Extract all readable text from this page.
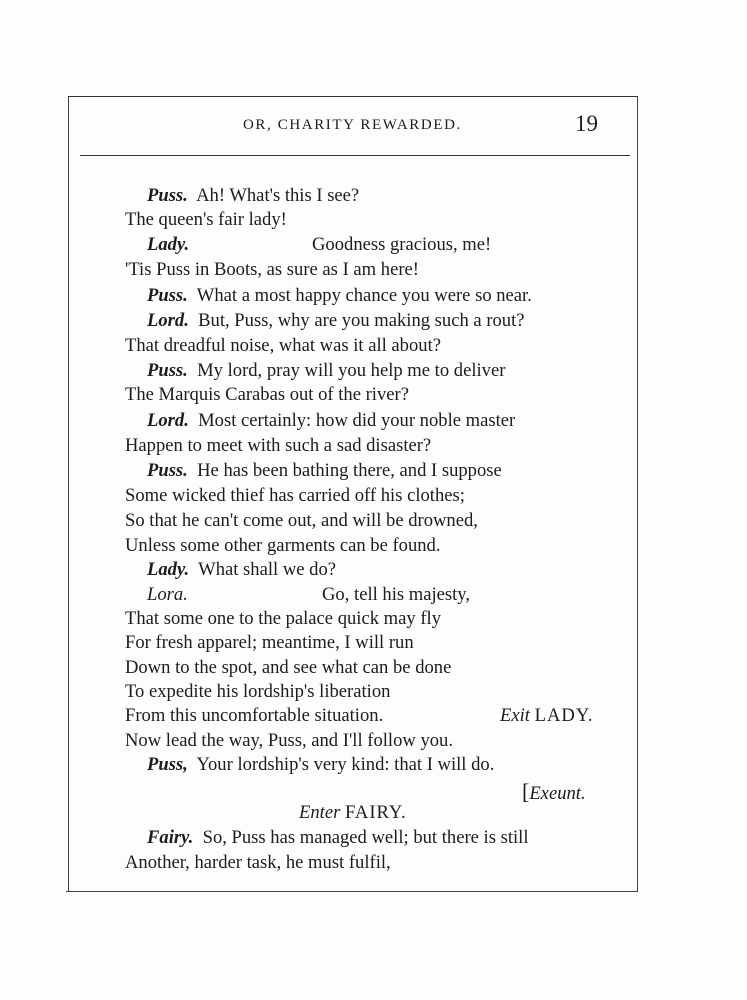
OR, CHARITY REWARDED.	19
Puss. Ah! What's this I see?
The queen's fair lady!
Lady.	Goodness gracious, me!
'Tis Puss in Boots, as sure as I am here!
Puss. What a most happy chance you were so near.
Lord. But, Puss, why are you making such a rout?
That dreadful noise, what was it all about?
Puss. My lord, pray will you help me to deliver
The Marquis Carabas out of the river?
Lord. Most certainly: how did your noble master
Happen to meet with such a sad disaster?
Puss. He has been bathing there, and I suppose
Some wicked thief has carried off his clothes;
So that he can't come out, and will be drowned,
Unless some other garments can be found.
Lady. What shall we do?
Lora.	Go, tell his majesty,
That some one to the palace quick may fly
For fresh apparel; meantime, I will run
Down to the spot, and see what can be done
To expedite his lordship's liberation
From this uncomfortable situation.	Exit LADY.
Now lead the way, Puss, and I'll follow you.
Puss, Your lordship's very kind: that I will do.
[Exeunt.
Enter FAIRY.
Fairy. So, Puss has managed well; but there is still
Another, harder task, he must fulfil,
